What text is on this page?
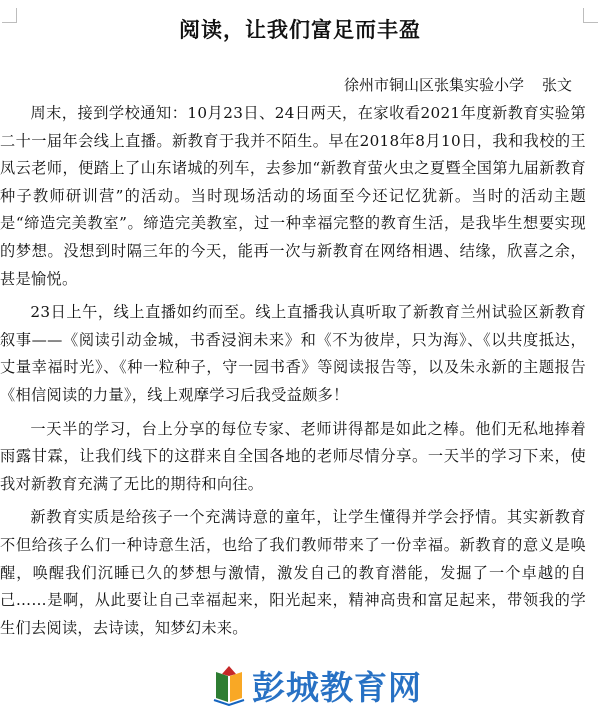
阅读，让我们富足而丰盈

徐州市铜山区张集实验小学 张文

周末，接到学校通知：10月23日、24日两天，在家收看2021年度新教育实验第二十一届年会线上直播。新教育于我并不陌生。早在2018年8月10日，我和我校的王凤云老师，便踏上了山东诸城的列车，去参加“新教育萤火虫之夏暨全国第九届新教育种子教师研训营”的活动。当时现场活动的场面至今还记忆犹新。当时的活动主题是“缔造完美教室”。缔造完美教室，过一种幸福完整的教育生活，是我毕生想要实现的梦想。没想到时隔三年的今天，能再一次与新教育在网络相遇、结缘，欣喜之余，甚是愉悦。

23日上午，线上直播如约而至。线上直播我认真听取了新教育兰州试验区新教育叙事——《阅读引动金城，书香浸润未来》和《不为彼岸，只为海》、《以共度抵达，丈量幸福时光》、《种一粒种子，守一园书香》等阅读报告等，以及朱永新的主题报告《相信阅读的力量》，线上观摩学习后我受益颇多！

一天半的学习，台上分享的每位专家、老师讲得都是如此之棒。他们无私地捧着雨露甘霖，让我们线下的这群来自全国各地的老师尽情分享。一天半的学习下来，使我对新教育充满了无比的期待和向往。

新教育实质是给孩子一个充满诗意的童年，让学生懂得并学会抒情。其实新教育不但给孩子么们一种诗意生活，也给了我们教师带来了一份幸福。新教育的意义是唤醒，唤醒我们沉睡已久的梦想与激情，激发自己的教育潜能，发掘了一个卓越的自己……是啊，从此要让自己幸福起来，阳光起来，精神高贵和富足起来，带领我的学生们去阅读，去诗读，知梦幻未来。

彭城教育网
